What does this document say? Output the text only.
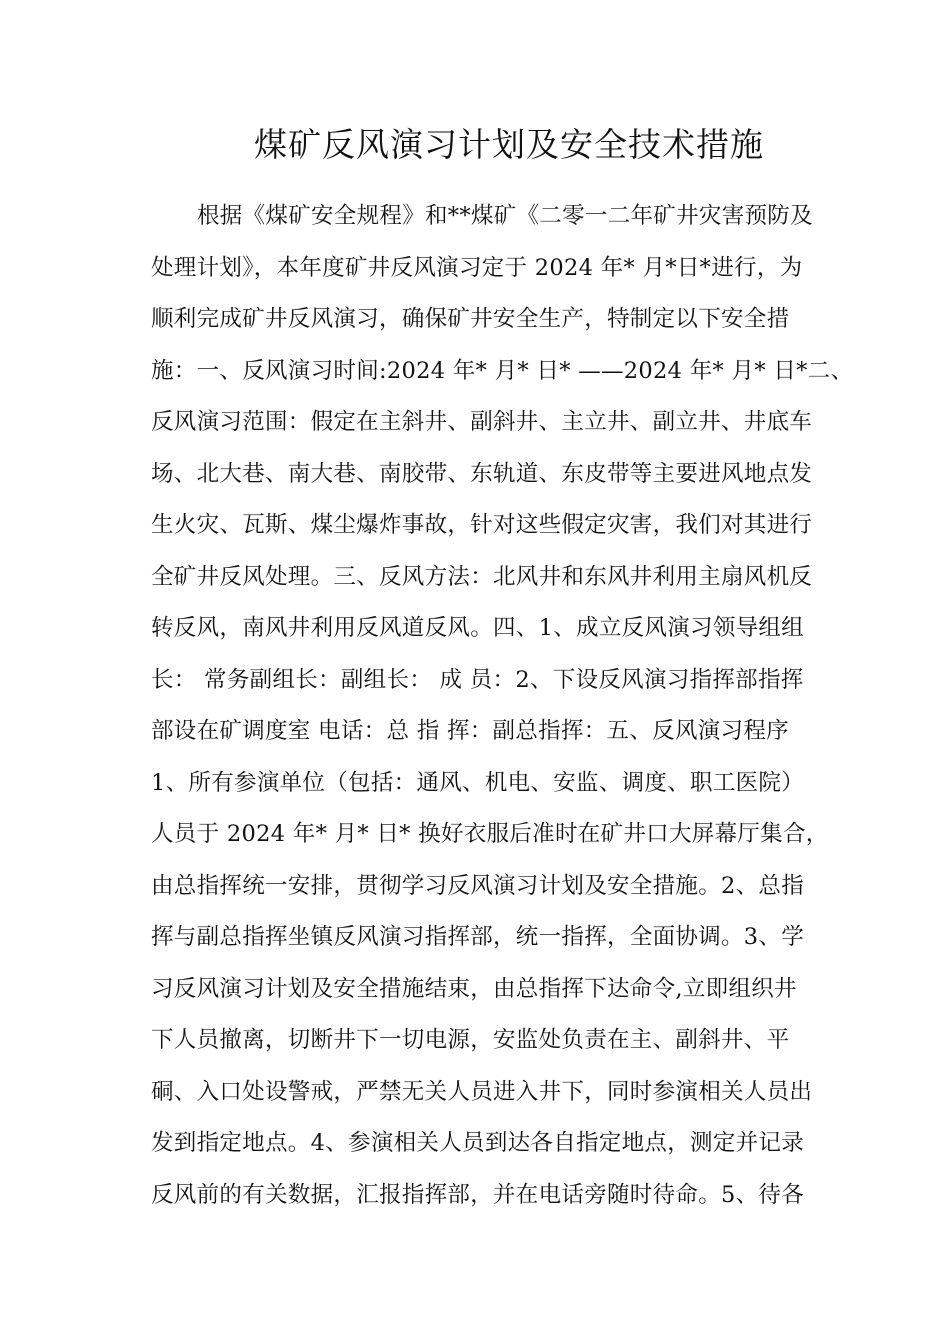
煤矿反风演习计划及安全技术措施
根据《煤矿安全规程》和**煤矿《二零一二年矿井灾害预防及
处理计划》，本年度矿井反风演习定于 2024 年* 月*日*进行，为
顺利完成矿井反风演习，确保矿井安全生产，特制定以下安全措
施：一、反风演习时间:2024 年* 月* 日* ——2024 年* 月* 日*二、
反风演习范围：假定在主斜井、副斜井、主立井、副立井、井底车
场、北大巷、南大巷、南胶带、东轨道、东皮带等主要进风地点发
生火灾、瓦斯、煤尘爆炸事故，针对这些假定灾害，我们对其进行
全矿井反风处理。三、反风方法：北风井和东风井利用主扇风机反
转反风，南风井利用反风道反风。四、1、成立反风演习领导组组
长： 常务副组长：副组长： 成 员：2、下设反风演习指挥部指挥
部设在矿调度室 电话：总 指 挥：副总指挥：五、反风演习程序
1、所有参演单位（包括：通风、机电、安监、调度、职工医院）
人员于 2024 年* 月* 日* 换好衣服后准时在矿井口大屏幕厅集合，
由总指挥统一安排，贯彻学习反风演习计划及安全措施。2、总指
挥与副总指挥坐镇反风演习指挥部，统一指挥，全面协调。3、学
习反风演习计划及安全措施结束，由总指挥下达命令,立即组织井
下人员撤离，切断井下一切电源，安监处负责在主、副斜井、平
硐、入口处设警戒，严禁无关人员进入井下，同时参演相关人员出
发到指定地点。4、参演相关人员到达各自指定地点，测定并记录
反风前的有关数据，汇报指挥部，并在电话旁随时待命。5、待各
